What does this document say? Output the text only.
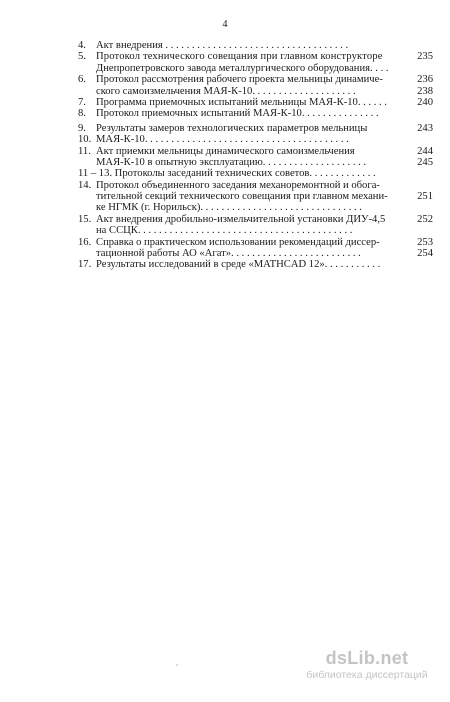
4
4. Акт внедрения . . . . . . . . . . . . . . . . . . . . . . . . . . . . . . . . . . .
5. Протокол технического совещания при главном конструкторе	235
Днепропетровского завода металлургического оборудования. . . .
6. Протокол рассмотрения рабочего проекта мельницы динамиче-	236
ского самоизмельчения МАЯ-К-10. . . . . . . . . . . . . . . . . . . .	238
7. Программа приемочных испытаний мельницы МАЯ-К-10. . . . . .	240
8. Протокол приемочных испытаний МАЯ-К-10. . . . . . . . . . . . . . .
9. Результаты замеров технологических параметров мельницы	243
10. МАЯ-К-10. . . . . . . . . . . . . . . . . . . . . . . . . . . . . . . . . . . . . . .
11. Акт приемки мельницы динамического самоизмельчения	244
МАЯ-К-10 в опытную эксплуатацию. . . . . . . . . . . . . . . . . . . .	245
11 – 13. Протоколы заседаний технических советов. . . . . . . . . . . . .
14. Протокол объединенного заседания механоремонтной и обога-
тительной секций технического совещания при главном механи-	251
ке НГМК (г. Норильск). . . . . . . . . . . . . . . . . . . . . . . . . . . . . . .
15. Акт внедрения дробильно-измельчительной установки ДИУ-4,5	252
на ССЦК. . . . . . . . . . . . . . . . . . . . . . . . . . . . . . . . . . . . . . . . .
16. Справка о практическом использовании рекомендаций диссер-	253
тационной работы АО «Агат». . . . . . . . . . . . . . . . . . . . . . . . .	254
17. Результаты исследований в среде «MATHCAD 12». . . . . . . . . . .
dsLib.net
библиотека диссертаций
